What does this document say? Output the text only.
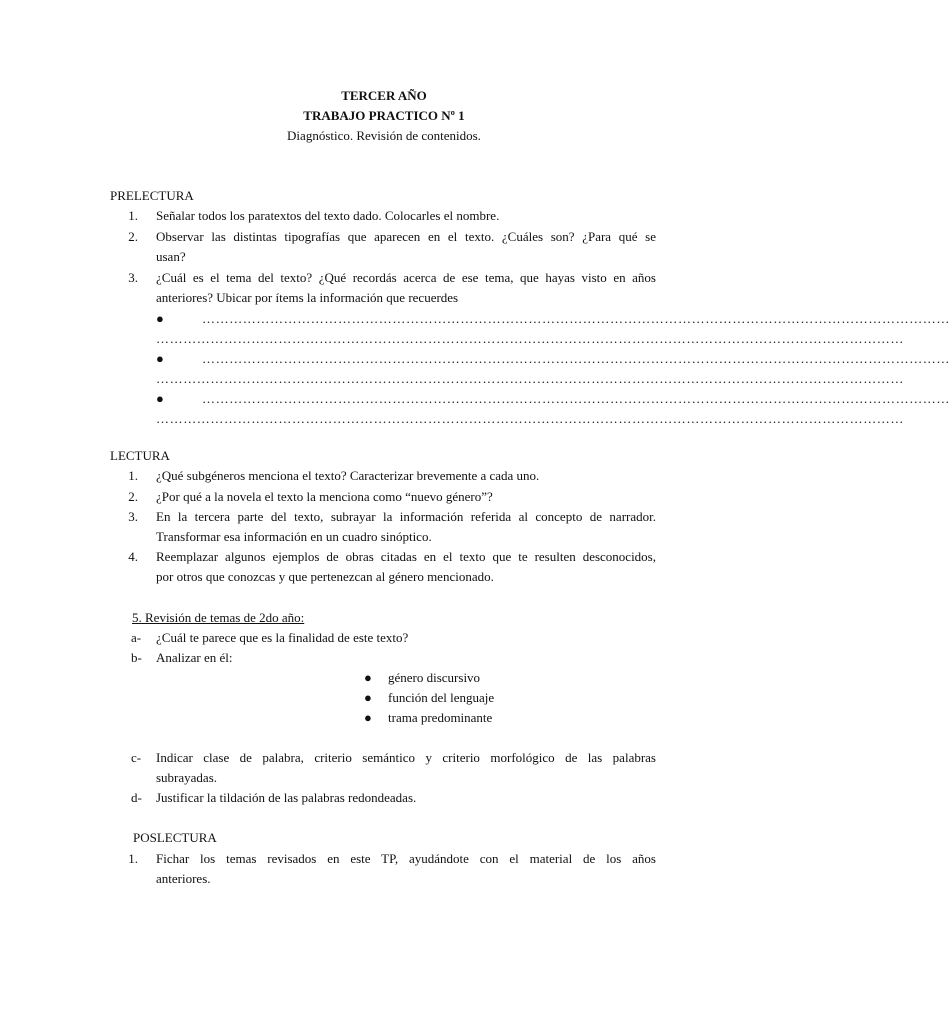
TERCER AÑO
TRABAJO PRACTICO Nº 1
Diagnóstico. Revisión de contenidos.
PRELECTURA
1. Señalar todos los paratextos del texto dado. Colocarles el nombre.
2. Observar las distintas tipografías que aparecen en el texto. ¿Cuáles son? ¿Para qué se
usan?
3. ¿Cuál es el tema del texto? ¿Qué recordás acerca de ese tema, que hayas visto en años
anteriores? Ubicar por ítems la información que recuerdes
●	…………………………………………………………………………………………………………………………………………………
…………………………………………………………………………………………………………………………………………………
●	…………………………………………………………………………………………………………………………………………………
…………………………………………………………………………………………………………………………………………………
●	…………………………………………………………………………………………………………………………………………………
…………………………………………………………………………………………………………………………………………………
LECTURA
1. ¿Qué subgéneros menciona el texto? Caracterizar brevemente a cada uno.
2. ¿Por qué a la novela el texto la menciona como “nuevo género”?
3. En la tercera parte del texto, subrayar la información referida al concepto de narrador.
Transformar esa información en un cuadro sinóptico.
4. Reemplazar algunos ejemplos de obras citadas en el texto que te resulten desconocidos,
por otros que conozcas y que pertenezcan al género mencionado.
5. Revisión de temas de 2do año:
a- ¿Cuál te parece que es la finalidad de este texto?
b- Analizar en él:
● género discursivo
● función del lenguaje
● trama predominante
c- Indicar clase de palabra, criterio semántico y criterio morfológico de las palabras
subrayadas.
d- Justificar la tildación de las palabras redondeadas.
POSLECTURA
1. Fichar los temas revisados en este TP, ayudándote con el material de los años
anteriores.
